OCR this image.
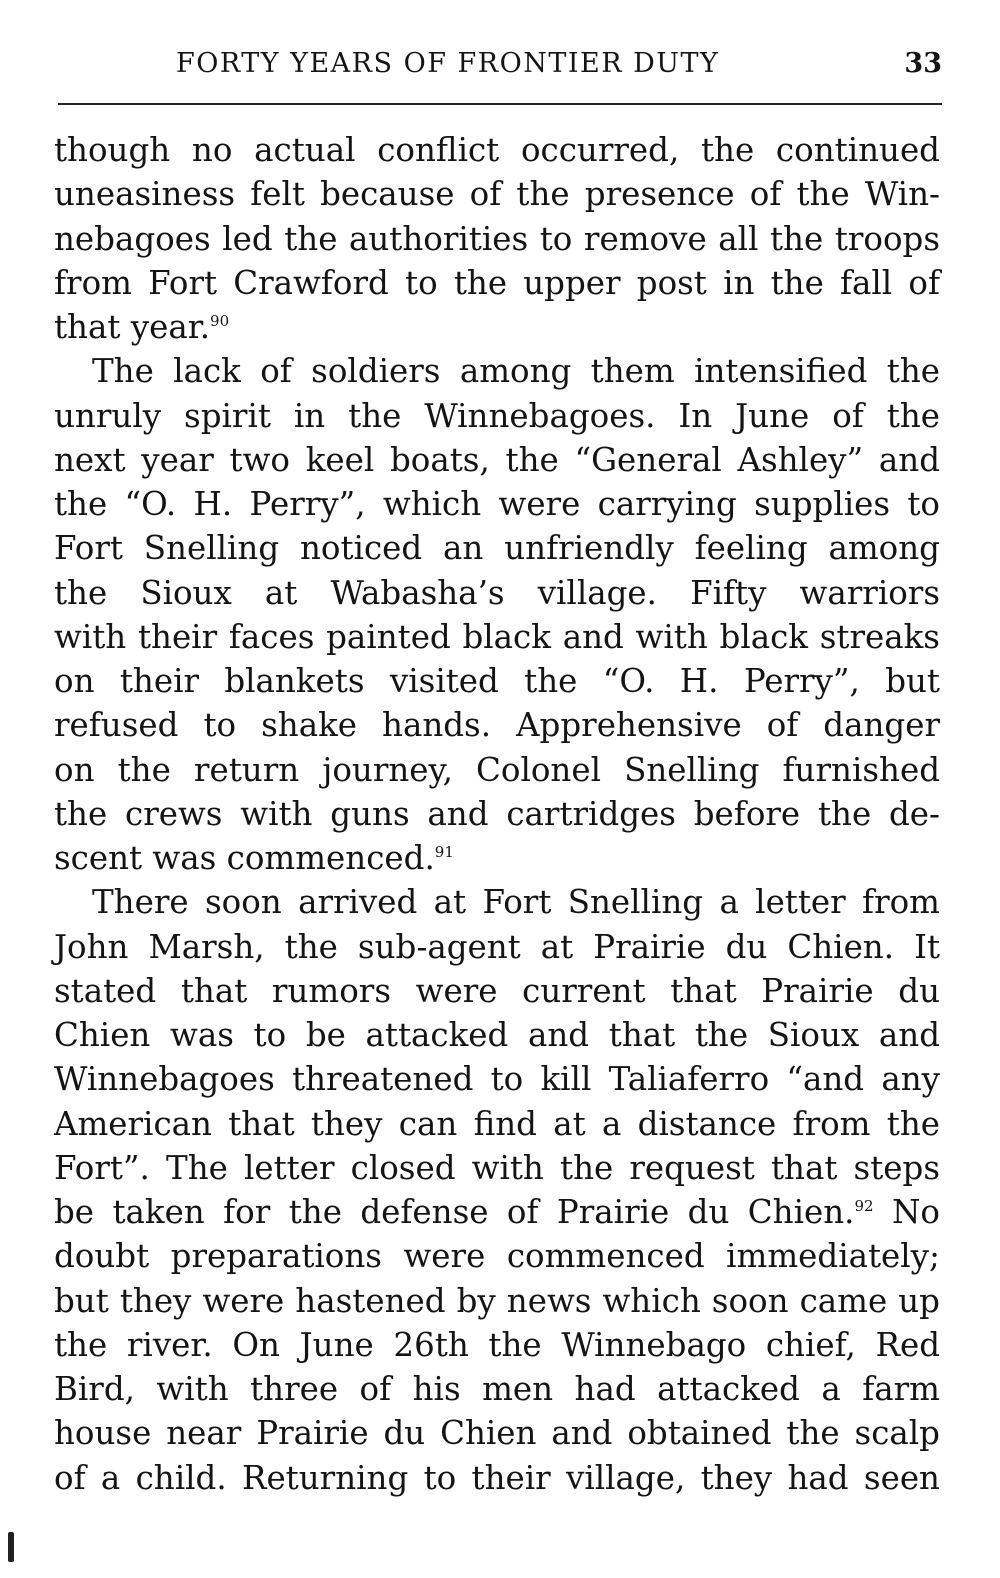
FORTY YEARS OF FRONTIER DUTY	33
though no actual conflict occurred, the continued
uneasiness felt because of the presence of the Win-
nebagoes led the authorities to remove all the troops
from Fort Crawford to the upper post in the fall of
that year.$^{90}$
The lack of soldiers among them intensified the
unruly spirit in the Winnebagoes. In June of the
next year two keel boats, the “General Ashley” and
the “O. H. Perry”, which were carrying supplies to
Fort Snelling noticed an unfriendly feeling among
the Sioux at Wabasha’s village. Fifty warriors
with their faces painted black and with black streaks
on their blankets visited the “O. H. Perry”, but
refused to shake hands. Apprehensive of danger
on the return journey, Colonel Snelling furnished
the crews with guns and cartridges before the de-
scent was commenced.$^{91}$
There soon arrived at Fort Snelling a letter from
John Marsh, the sub-agent at Prairie du Chien. It
stated that rumors were current that Prairie du
Chien was to be attacked and that the Sioux and
Winnebagoes threatened to kill Taliaferro “and any
American that they can find at a distance from the
Fort”. The letter closed with the request that steps
be taken for the defense of Prairie du Chien.$^{92}$ No
doubt preparations were commenced immediately;
but they were hastened by news which soon came up
the river. On June 26th the Winnebago chief, Red
Bird, with three of his men had attacked a farm
house near Prairie du Chien and obtained the scalp
of a child. Returning to their village, they had seen
